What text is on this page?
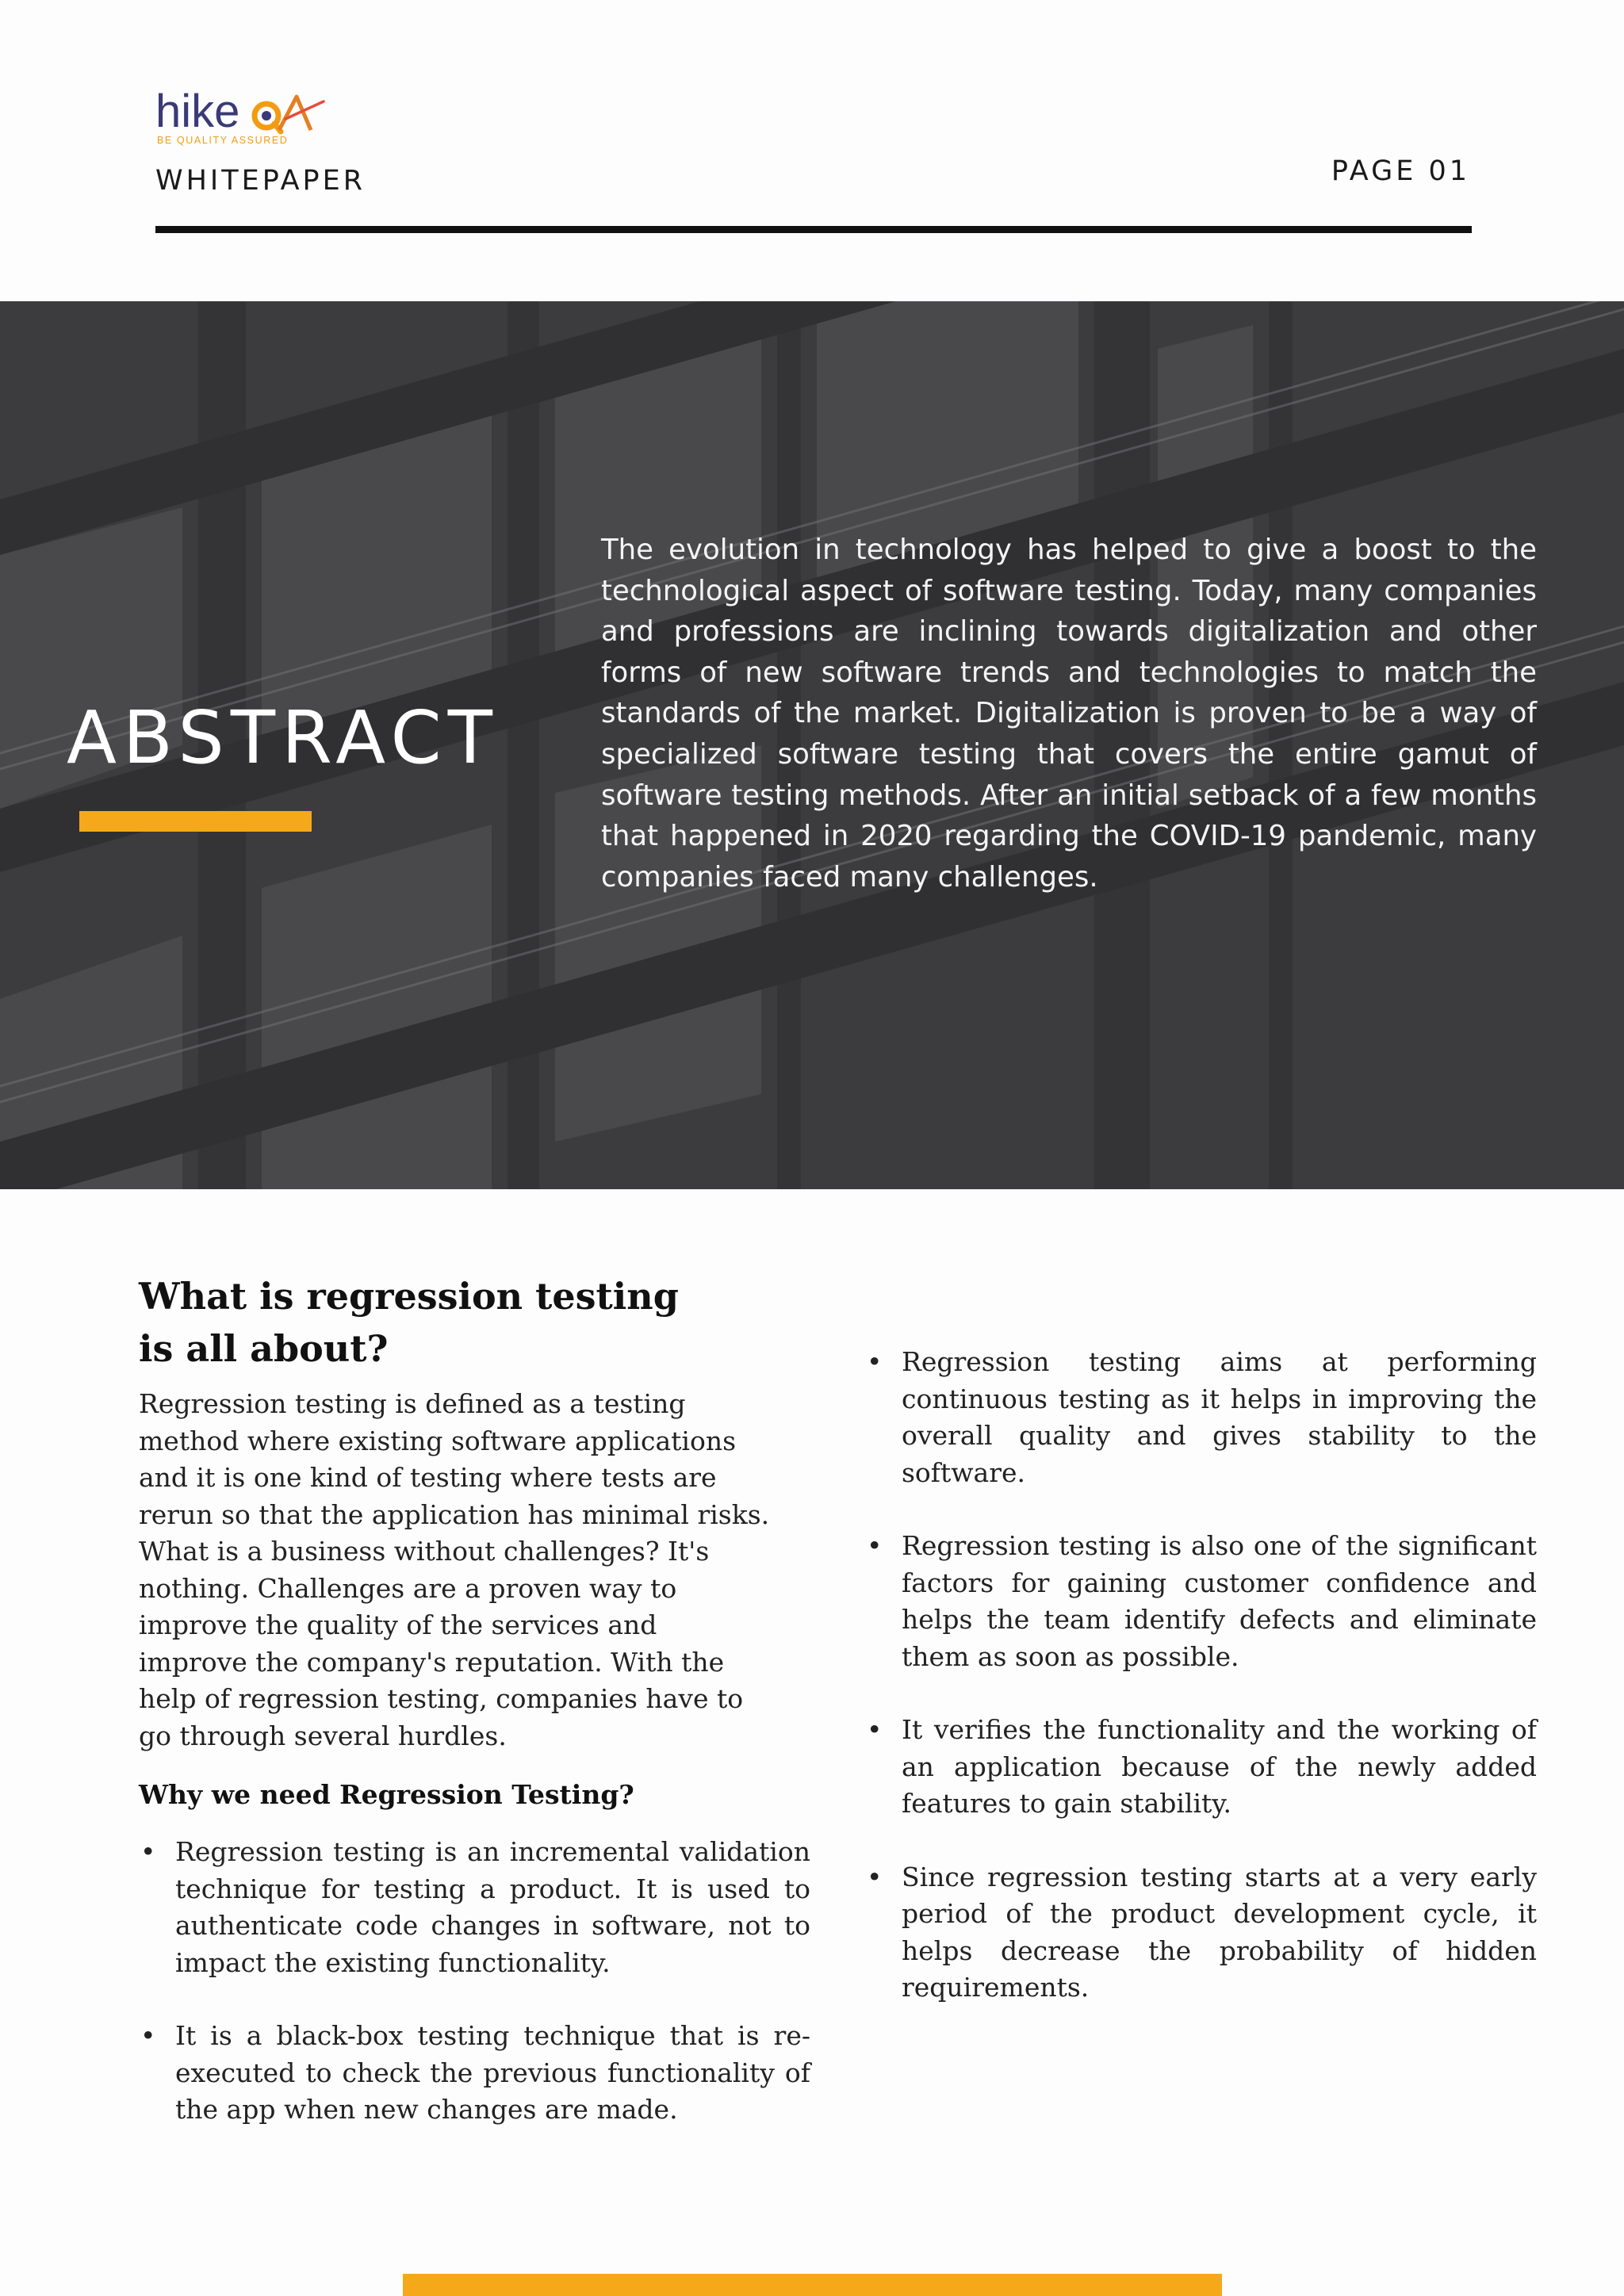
hike
BE QUALITY ASSURED
WHITEPAPER	PAGE 01
ABSTRACT

The evolution in technology has helped to give a boost to the technological aspect of software testing. Today, many companies and professions are inclining towards digitalization and other forms of new software trends and technologies to match the standards of the market. Digitalization is proven to be a way of specialized software testing that covers the entire gamut of software testing methods. After an initial setback of a few months that happened in 2020 regarding the COVID-19 pandemic, many companies faced many challenges.

What is regression testing
is all about?

Regression testing is defined as a testing method where existing software applications and it is one kind of testing where tests are rerun so that the application has minimal risks. What is a business without challenges? It's nothing. Challenges are a proven way to improve the quality of the services and improve the company's reputation. With the help of regression testing, companies have to go through several hurdles.

Why we need Regression Testing?
• Regression testing is an incremental validation technique for testing a product. It is used to authenticate code changes in software, not to impact the existing functionality.
• It is a black-box testing technique that is re-executed to check the previous functionality of the app when new changes are made.
• Regression testing aims at performing continuous testing as it helps in improving the overall quality and gives stability to the software.
• Regression testing is also one of the significant factors for gaining customer confidence and helps the team identify defects and eliminate them as soon as possible.
• It verifies the functionality and the working of an application because of the newly added features to gain stability.
• Since regression testing starts at a very early period of the product development cycle, it helps decrease the probability of hidden requirements.
